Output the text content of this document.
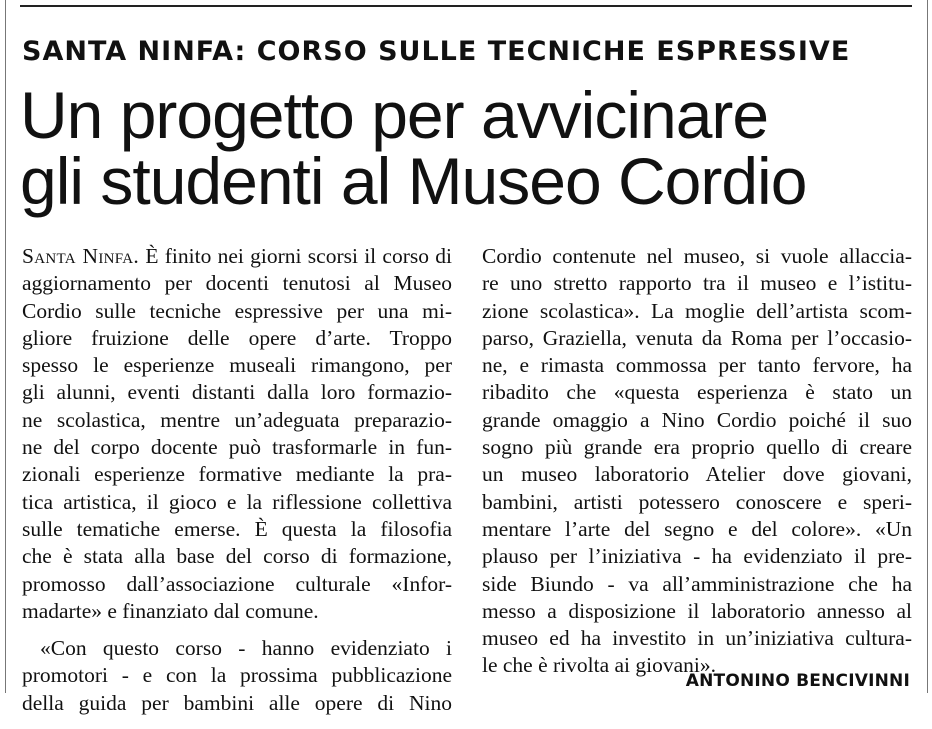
SANTA NINFA: CORSO SULLE TECNICHE ESPRESSIVE
Un progetto per avvicinare
gli studenti al Museo Cordio
Santa Ninfa. È finito nei giorni scorsi il corso di
aggiornamento per docenti tenutosi al Museo
Cordio sulle tecniche espressive per una mi-
gliore fruizione delle opere d’arte. Troppo
spesso le esperienze museali rimangono, per
gli alunni, eventi distanti dalla loro formazio-
ne scolastica, mentre un’adeguata preparazio-
ne del corpo docente può trasformarle in fun-
zionali esperienze formative mediante la pra-
tica artistica, il gioco e la riflessione collettiva
sulle tematiche emerse. È questa la filosofia
che è stata alla base del corso di formazione,
promosso dall’associazione culturale «Infor-
madarte» e finanziato dal comune.
«Con questo corso - hanno evidenziato i
promotori - e con la prossima pubblicazione
della guida per bambini alle opere di Nino
Cordio contenute nel museo, si vuole allaccia-
re uno stretto rapporto tra il museo e l’istitu-
zione scolastica». La moglie dell’artista scom-
parso, Graziella, venuta da Roma per l’occasio-
ne, e rimasta commossa per tanto fervore, ha
ribadito che «questa esperienza è stato un
grande omaggio a Nino Cordio poiché il suo
sogno più grande era proprio quello di creare
un museo laboratorio Atelier dove giovani,
bambini, artisti potessero conoscere e speri-
mentare l’arte del segno e del colore». «Un
plauso per l’iniziativa - ha evidenziato il pre-
side Biundo - va all’amministrazione che ha
messo a disposizione il laboratorio annesso al
museo ed ha investito in un’iniziativa cultura-
le che è rivolta ai giovani».

ANTONINO BENCIVINNI
